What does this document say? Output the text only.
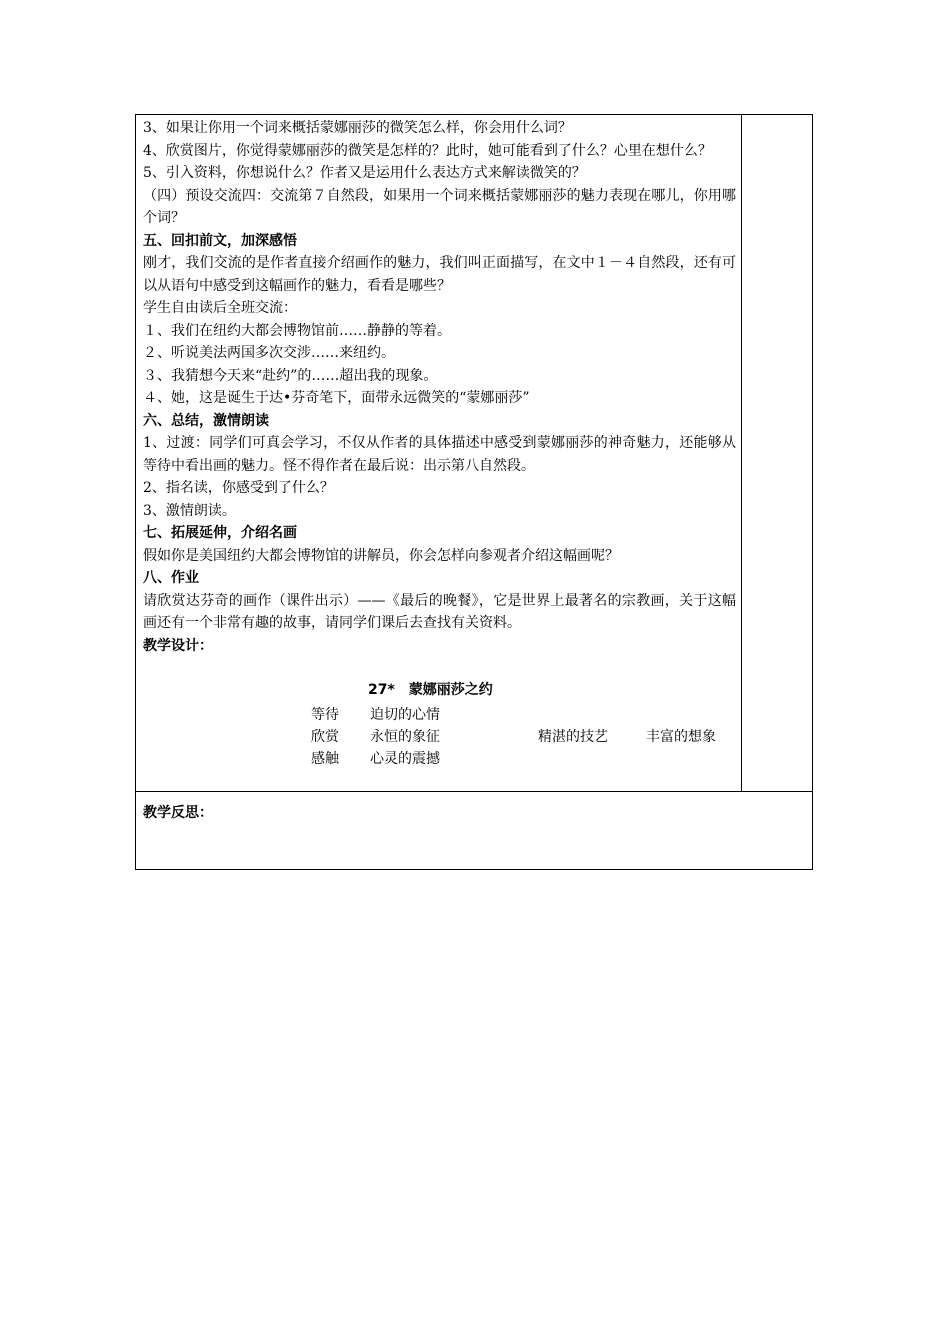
3、如果让你用一个词来概括蒙娜丽莎的微笑怎么样，你会用什么词？

4、欣赏图片，你觉得蒙娜丽莎的微笑是怎样的？此时，她可能看到了什么？心里在想什么？

5、引入资料，你想说什么？作者又是运用什么表达方式来解读微笑的？

（四）预设交流四：交流第７自然段，如果用一个词来概括蒙娜丽莎的魅力表现在哪儿，你用哪个词？

五、回扣前文，加深感悟

刚才，我们交流的是作者直接介绍画作的魅力，我们叫正面描写，在文中１－４自然段，还有可以从语句中感受到这幅画作的魅力，看看是哪些？

学生自由读后全班交流：

１、我们在纽约大都会博物馆前……静静的等着。

２、听说美法两国多次交涉……来纽约。

３、我猜想今天来“赴约”的……超出我的现象。

４、她，这是诞生于达•芬奇笔下，面带永远微笑的“蒙娜丽莎”

六、总结，激情朗读

1、过渡：同学们可真会学习，不仅从作者的具体描述中感受到蒙娜丽莎的神奇魅力，还能够从等待中看出画的魅力。怪不得作者在最后说：出示第八自然段。

2、指名读，你感受到了什么？

3、激情朗读。

七、拓展延伸，介绍名画

假如你是美国纽约大都会博物馆的讲解员，你会怎样向参观者介绍这幅画呢？

八、作业

请欣赏达芬奇的画作（课件出示）——《最后的晚餐》，它是世界上最著名的宗教画，关于这幅画还有一个非常有趣的故事，请同学们课后去查找有关资料。

教学设计：

27*　蒙娜丽莎之约
等待 迫切的心情
欣赏 永恒的象征	精湛的技艺	丰富的想象
感触 心灵的震撼
教学反思：
